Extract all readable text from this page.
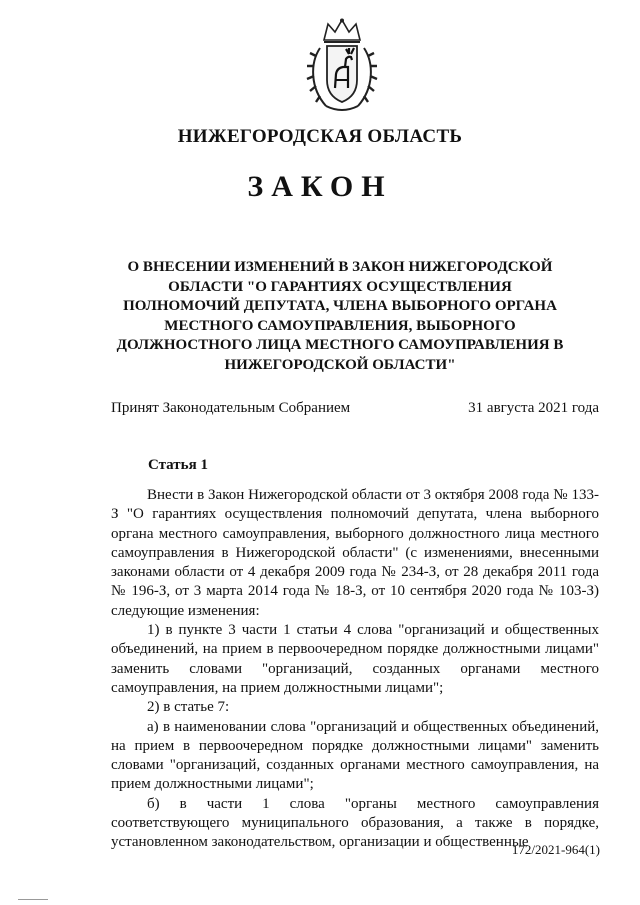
НИЖЕГОРОДСКАЯ ОБЛАСТЬ
ЗАКОН
О ВНЕСЕНИИ ИЗМЕНЕНИЙ В ЗАКОН НИЖЕГОРОДСКОЙ ОБЛАСТИ "О ГАРАНТИЯХ ОСУЩЕСТВЛЕНИЯ ПОЛНОМОЧИЙ ДЕПУТАТА, ЧЛЕНА ВЫБОРНОГО ОРГАНА МЕСТНОГО САМОУПРАВЛЕНИЯ, ВЫБОРНОГО ДОЛЖНОСТНОГО ЛИЦА МЕСТНОГО САМОУПРАВЛЕНИЯ В НИЖЕГОРОДСКОЙ ОБЛАСТИ"
Принят Законодательным Собранием	31 августа 2021 года
Статья 1

Внести в Закон Нижегородской области от 3 октября 2008 года № 133-З "О гарантиях осуществления полномочий депутата, члена выборного органа местного самоуправления, выборного должностного лица местного самоуправления в Нижегородской области" (с изменениями, внесенными законами области от 4 декабря 2009 года № 234-З, от 28 декабря 2011 года № 196-З, от 3 марта 2014 года № 18-З, от 10 сентября 2020 года № 103-З) следующие изменения:

1) в пункте 3 части 1 статьи 4 слова "организаций и общественных объединений, на прием в первоочередном порядке должностными лицами" заменить словами "организаций, созданных органами местного самоуправления, на прием должностными лицами";

2) в статье 7:

а) в наименовании слова "организаций и общественных объединений, на прием в первоочередном порядке должностными лицами" заменить словами "организаций, созданных органами местного самоуправления, на прием должностными лицами";

б) в части 1 слова "органы местного самоуправления соответствующего муниципального образования, а также в порядке, установленном законодательством, организации и общественные

172/2021-964(1)
